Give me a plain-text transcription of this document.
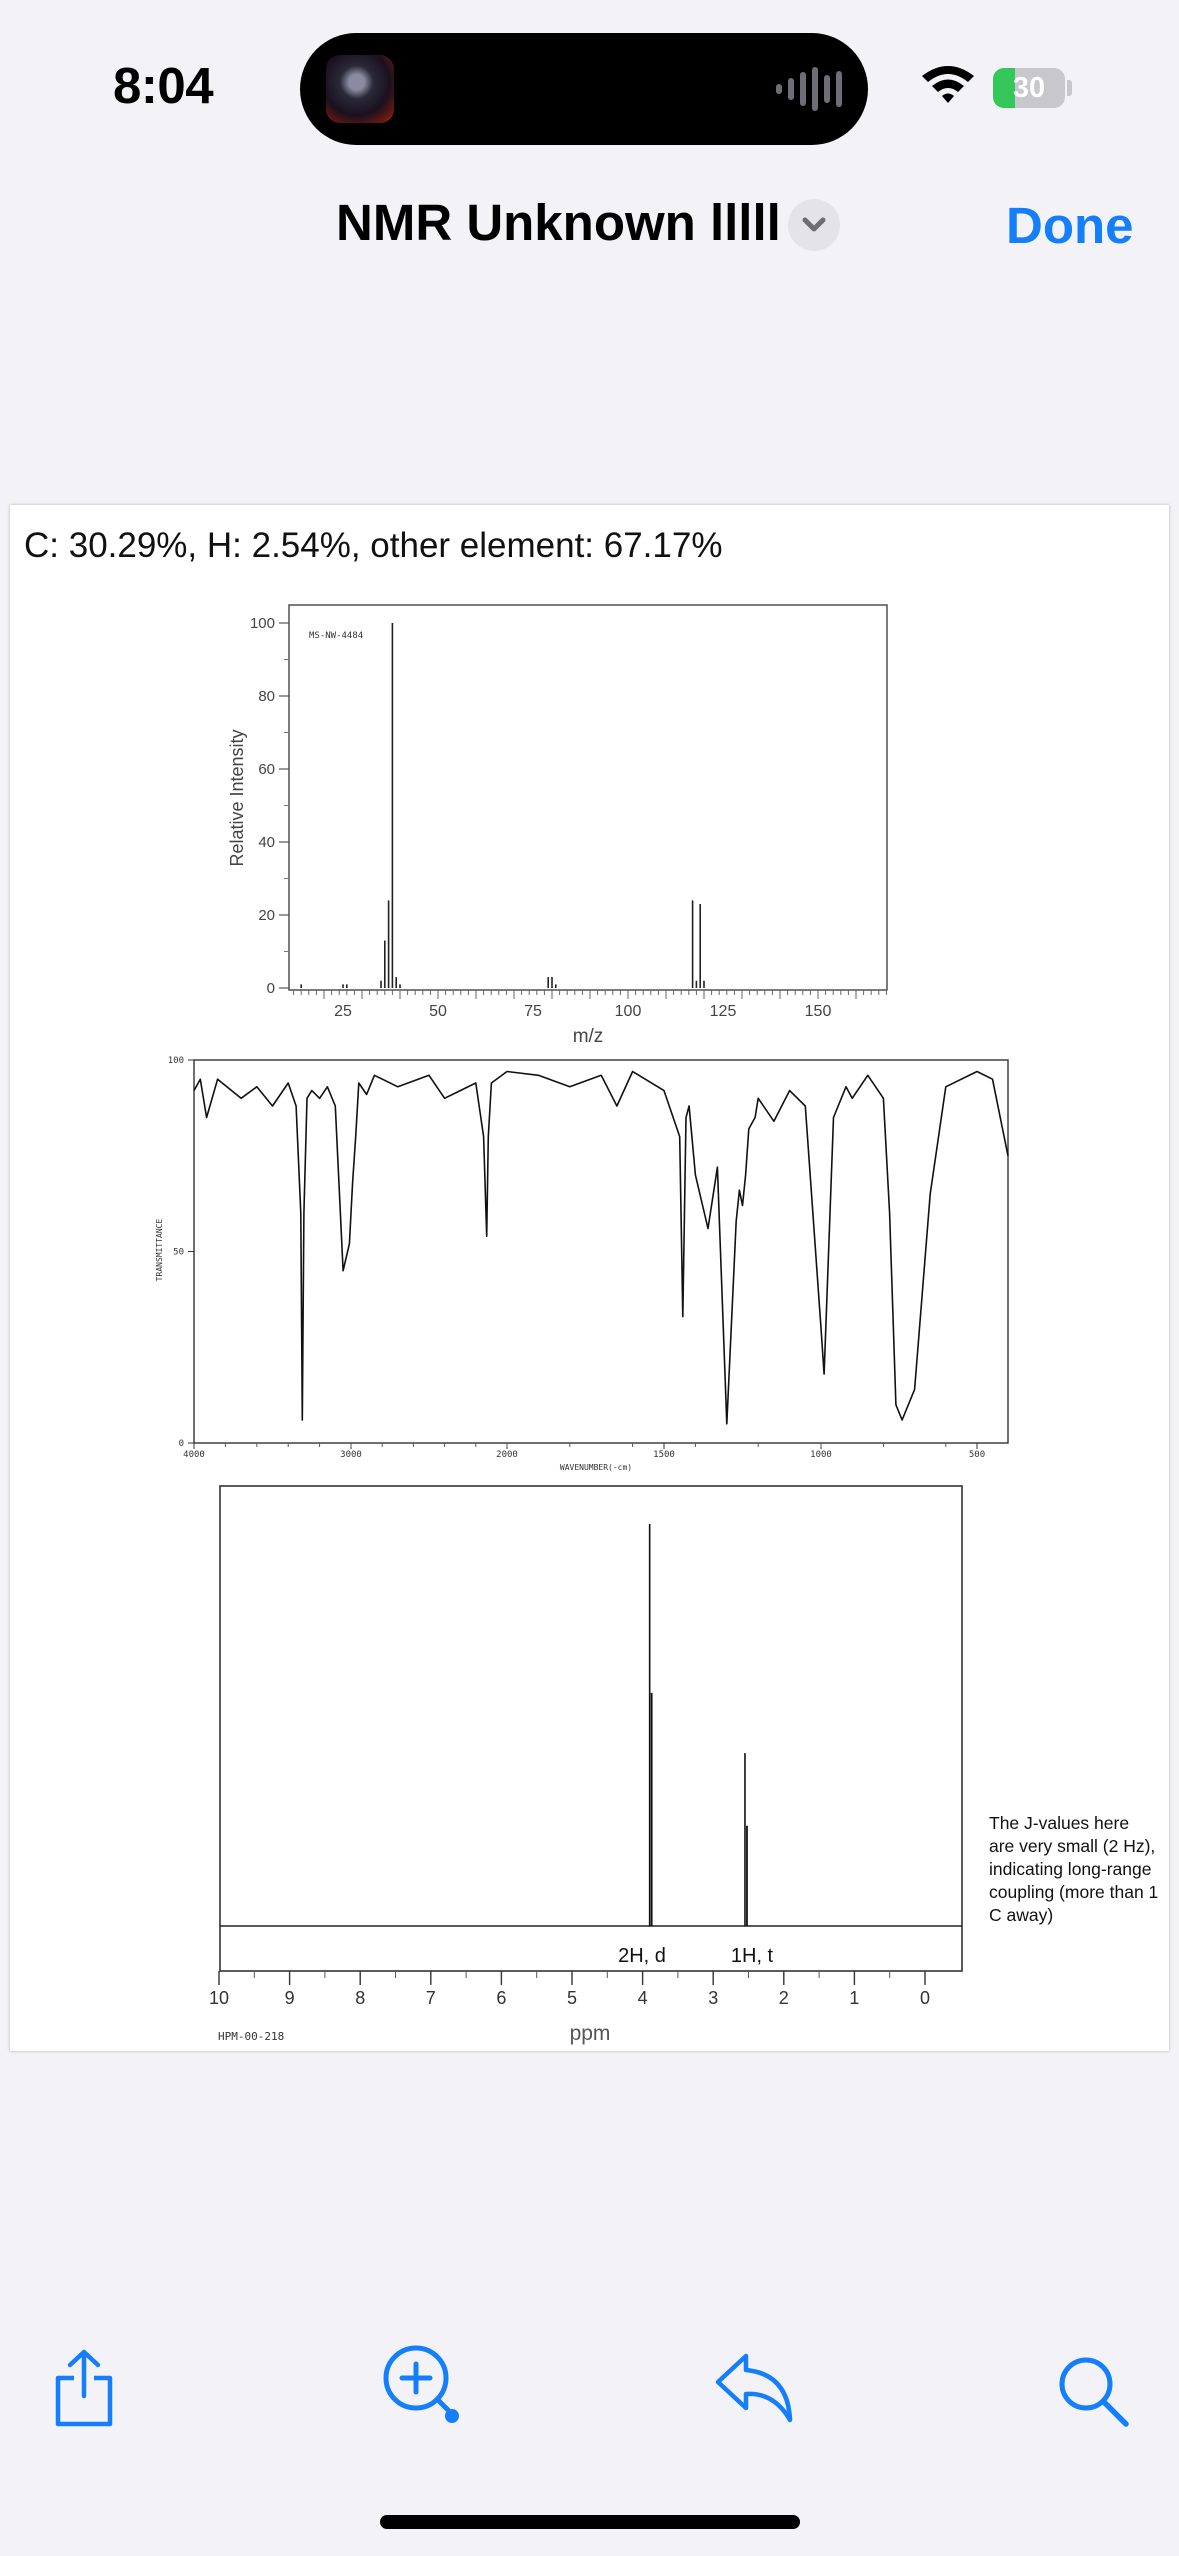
8:04	30
NMR Unknown lllll	Done
C: 30.29%, H: 2.54%, other element: 67.17%
MS-NW-4484
25	50	75	100	125	150
0
20
40
60
80
100
m/z
Relative Intensity
4000	3000	2000	1500	1000	500
0
50
100
WAVENUMBER(-cm)
TRANSMITTANCE
10	9	8	7	6	5	4	3	2	1	0
2H, d	1H, t
ppm
HPM-00-218
The J-values here are very small (2 Hz), indicating long-range coupling (more than 1 C away)
